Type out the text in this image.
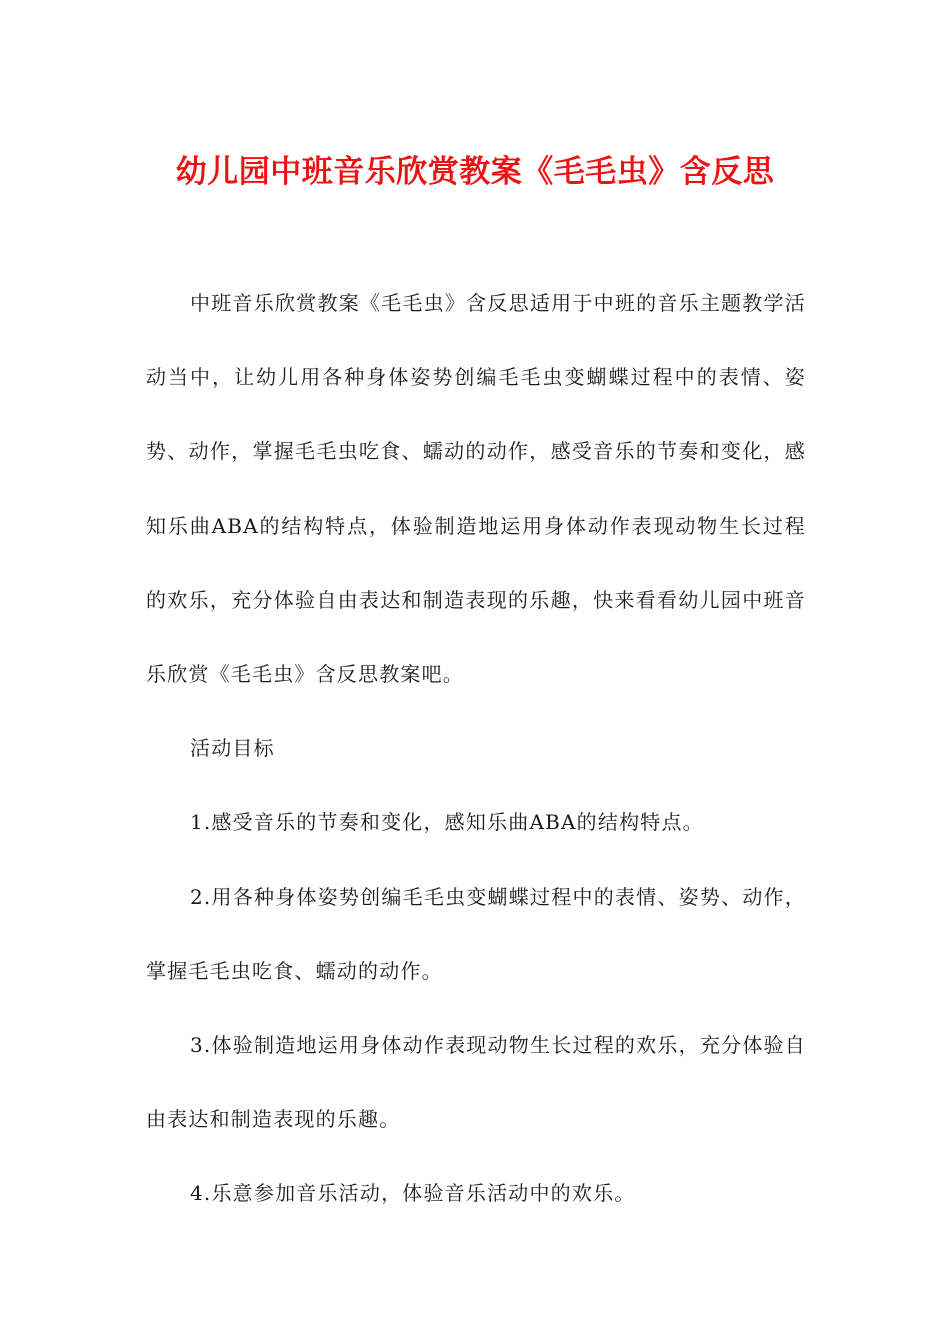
幼儿园中班音乐欣赏教案《毛毛虫》含反思

中班音乐欣赏教案《毛毛虫》含反思适用于中班的音乐主题教学活动当中，让幼儿用各种身体姿势创编毛毛虫变蝴蝶过程中的表情、姿势、动作，掌握毛毛虫吃食、蠕动的动作，感受音乐的节奏和变化，感知乐曲ABA的结构特点，体验制造地运用身体动作表现动物生长过程的欢乐，充分体验自由表达和制造表现的乐趣，快来看看幼儿园中班音乐欣赏《毛毛虫》含反思教案吧。

活动目标

1.感受音乐的节奏和变化，感知乐曲ABA的结构特点。

2.用各种身体姿势创编毛毛虫变蝴蝶过程中的表情、姿势、动作，掌握毛毛虫吃食、蠕动的动作。

3.体验制造地运用身体动作表现动物生长过程的欢乐，充分体验自由表达和制造表现的乐趣。

4.乐意参加音乐活动，体验音乐活动中的欢乐。
